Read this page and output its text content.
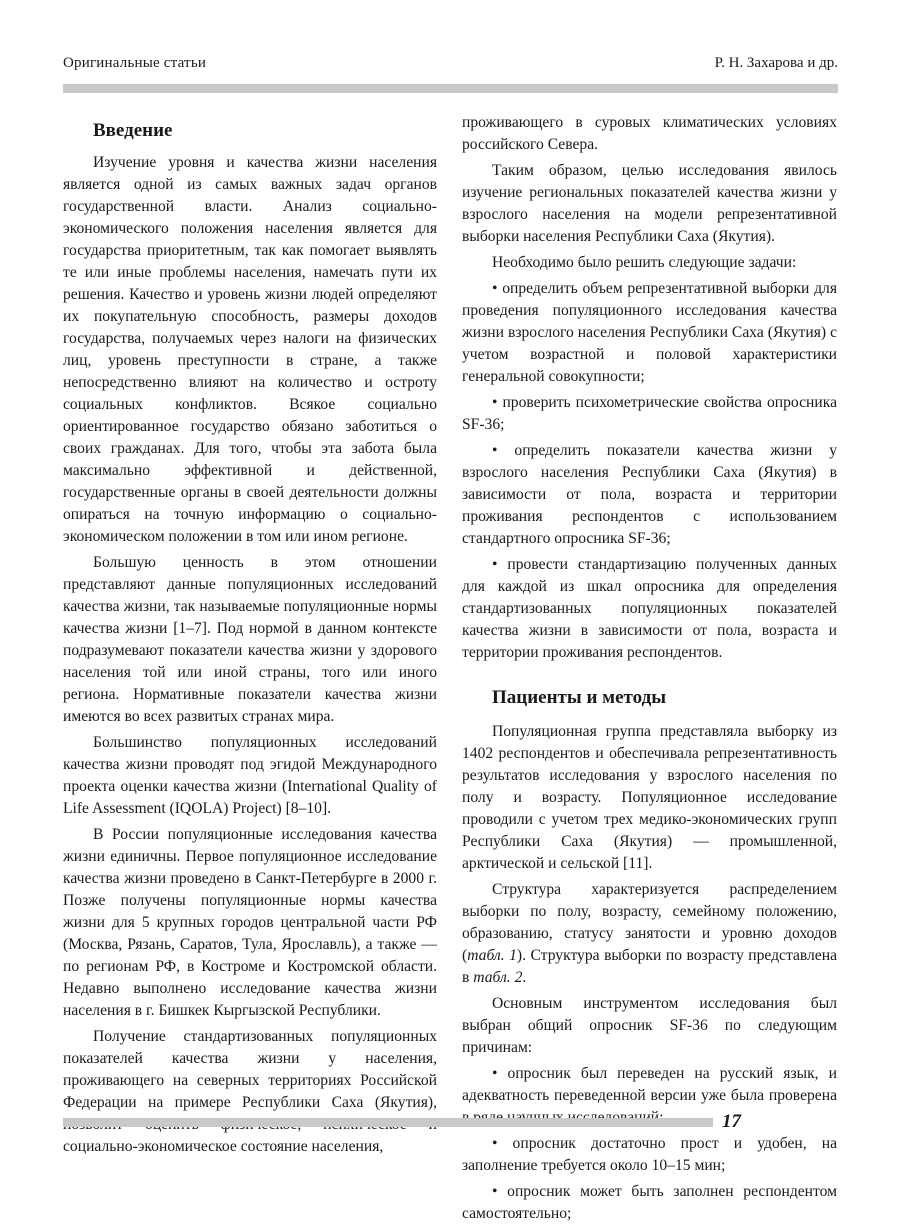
Оригинальные статьи	Р. Н. Захарова и др.
Введение

Изучение уровня и качества жизни населения является одной из самых важных задач органов государственной власти. Анализ социально-экономического положения населения является для государства приоритетным, так как помогает выявлять те или иные проблемы населения, намечать пути их решения. Качество и уровень жизни людей определяют их покупательную способность, размеры доходов государства, получаемых через налоги на физических лиц, уровень преступности в стране, а также непосредственно влияют на количество и остроту социальных конфликтов. Всякое социально ориентированное государство обязано заботиться о своих гражданах. Для того, чтобы эта забота была максимально эффективной и действенной, государственные органы в своей деятельности должны опираться на точную информацию о социально-экономическом положении в том или ином регионе.

Большую ценность в этом отношении представляют данные популяционных исследований качества жизни, так называемые популяционные нормы качества жизни [1–7]. Под нормой в данном контексте подразумевают показатели качества жизни у здорового населения той или иной страны, того или иного региона. Нормативные показатели качества жизни имеются во всех развитых странах мира.

Большинство популяционных исследований качества жизни проводят под эгидой Международного проекта оценки качества жизни (International Quality of Life Assessment (IQOLA) Project) [8–10].

В России популяционные исследования качества жизни единичны. Первое популяционное исследование качества жизни проведено в Санкт-Петербурге в 2000 г. Позже получены популяционные нормы качества жизни для 5 крупных городов центральной части РФ (Москва, Рязань, Саратов, Тула, Ярославль), а также — по регионам РФ, в Костроме и Костромской области. Недавно выполнено исследование качества жизни населения в г. Бишкек Кыргызской Республики.

Получение стандартизованных популяционных показателей качества жизни у населения, проживающего на северных территориях Российской Федерации на примере Республики Саха (Якутия), социально-экономическое состояние населения,

проживающего в суровых климатических условиях российского Севера.

Таким образом, целью исследования явилось изучение региональных показателей качества жизни у взрослого населения на модели репрезентативной выборки населения Республики Саха (Якутия).

Необходимо было решить следующие задачи:

• определить объем репрезентативной выборки для проведения популяционного исследования качества жизни взрослого населения Республики Саха (Якутия) с учетом возрастной и половой характеристики генеральной совокупности;

• проверить психометрические свойства опросника SF-36;

• определить показатели качества жизни у взрослого населения Республики Саха (Якутия) в зависимости от пола, возраста и территории проживания респондентов с использованием стандартного опросника SF-36;

• провести стандартизацию полученных данных для каждой из шкал опросника для определения стандартизованных популяционных показателей качества жизни в зависимости от пола, возраста и территории проживания респондентов.

Пациенты и методы

Популяционная группа представляла выборку из 1402 респондентов и обеспечивала репрезентативность результатов исследования у взрослого населения по полу и возрасту. Популяционное исследование проводили с учетом трех медико-экономических групп Республики Саха (Якутия) — промышленной, арктической и сельской [11].

Структура характеризуется распределением выборки по полу, возрасту, семейному положению, образованию, статусу занятости и уровню доходов (табл. 1). Структура выборки по возрасту представлена в табл. 2.

Основным инструментом исследования был выбран общий опросник SF-36 по следующим причинам:

• опросник был переведен на русский язык, и адекватность переведенной версии уже была проверена

• опросник достаточно прост и удобен, на заполнение требуется около 10–15 мин;

• опросник может быть заполнен респондентом самостоятельно;

17
